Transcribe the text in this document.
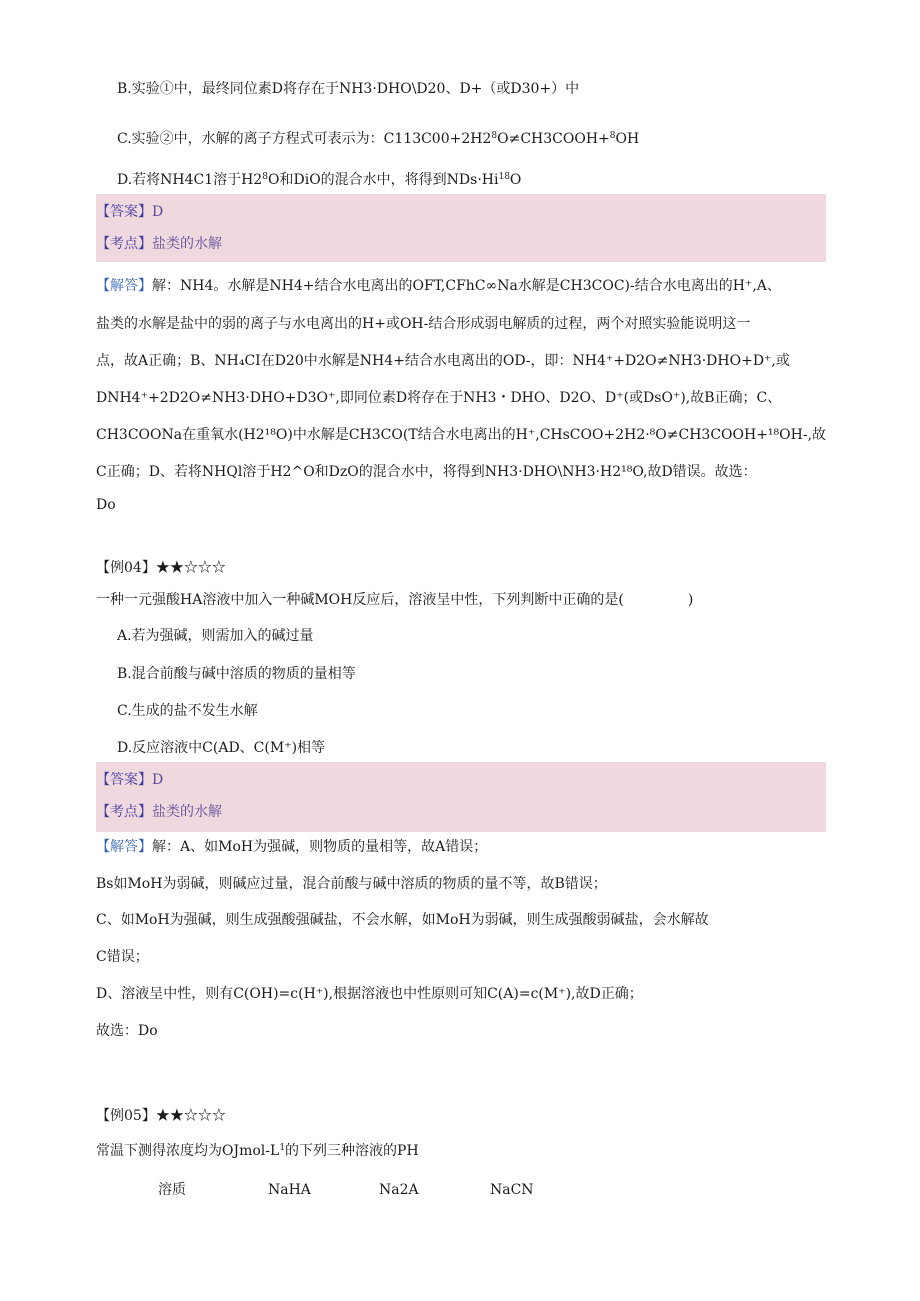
B.实验①中，最终同位素D将存在于NH3·DHO\D20、D+（或D30+）中
C.实验②中，水解的离子方程式可表示为：$C113C00+2H2^8O\ne CH3COOH+^8OH$
D.若将NH4C1溶于$H2^8O$和DiO的混合水中，将得到$NDs\cdot Hi^{18}O$
【答案】D
【考点】盐类的水解
【解答】解：NH4。水解是NH4+结合水电离出的OFT,CFhC∞Na水解是CH3COC)-结合水电离出的H⁺,A、
盐类的水解是盐中的弱的离子与水电离出的H+或OH-结合形成弱电解质的过程，两个对照实验能说明这一
点，故A正确；B、NH₄CI在D20中水解是NH4+结合水电离出的OD-，即：NH4⁺+D2O≠NH3·DHO+D⁺,或
DNH4⁺+2D2O≠NH3·DHO+D3O⁺,即同位素D将存在于NH3・DHO、D2O、D⁺(或DsO⁺),故B正确；C、
CH3COONa在重氧水(H2¹⁸O)中水解是CH3CO(T结合水电离出的H⁺,CHsCOO+2H2·⁸O≠CH3COOH+¹⁸OH-,故
C正确；D、若将NHQl溶于H2^O和DzO的混合水中，将得到NH3·DHO\NH3·H2¹⁸O,故D错误。故选：
Do
【例04】★★☆☆☆
一种一元强酸HA溶液中加入一种碱MOH反应后，溶液呈中性，下列判断中正确的是(	)
A.若为强碱，则需加入的碱过量
B.混合前酸与碱中溶质的物质的量相等
C.生成的盐不发生水解
D.反应溶液中C(AD、C(M⁺)相等
【答案】D
【考点】盐类的水解
【解答】解：A、如MoH为强碱，则物质的量相等，故A错误；
Bs如MoH为弱碱，则碱应过量，混合前酸与碱中溶质的物质的量不等，故B错误；
C、如MoH为强碱，则生成强酸强碱盐，不会水解，如MoH为弱碱，则生成强酸弱碱盐，会水解故
C错误；
D、溶液呈中性，则有C(OH)=c(H⁺),根据溶液也中性原则可知C(A)=c(M⁺),故D正确；
故选：Do
【例05】★★☆☆☆
常温下测得浓度均为OJmol-$L^1$的下列三种溶液的PH
溶质	NaHA	Na2A	NaCN
